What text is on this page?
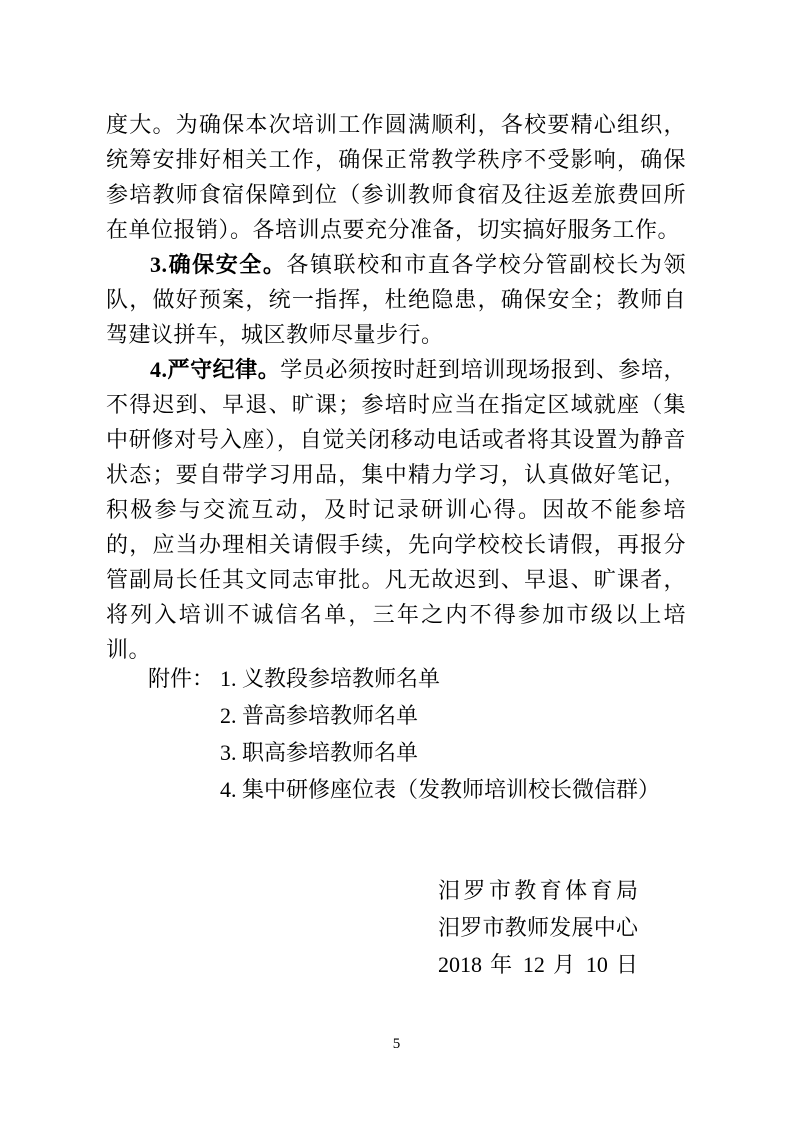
度大。为确保本次培训工作圆满顺利，各校要精心组织，统筹安排好相关工作，确保正常教学秩序不受影响，确保参培教师食宿保障到位（参训教师食宿及往返差旅费回所在单位报销）。各培训点要充分准备，切实搞好服务工作。

3.确保安全。各镇联校和市直各学校分管副校长为领队，做好预案，统一指挥，杜绝隐患，确保安全；教师自驾建议拼车，城区教师尽量步行。

4.严守纪律。学员必须按时赶到培训现场报到、参培，不得迟到、早退、旷课；参培时应当在指定区域就座（集中研修对号入座），自觉关闭移动电话或者将其设置为静音状态；要自带学习用品，集中精力学习，认真做好笔记，积极参与交流互动，及时记录研训心得。因故不能参培的，应当办理相关请假手续，先向学校校长请假，再报分管副局长任其文同志审批。凡无故迟到、早退、旷课者，将列入培训不诚信名单，三年之内不得参加市级以上培训。

附件： 1. 义教段参培教师名单
2. 普高参培教师名单
3. 职高参培教师名单
4. 集中研修座位表（发教师培训校长微信群）
汨罗市教育体育局
汨罗市教师发展中心
2018 年 12 月 10 日
5
